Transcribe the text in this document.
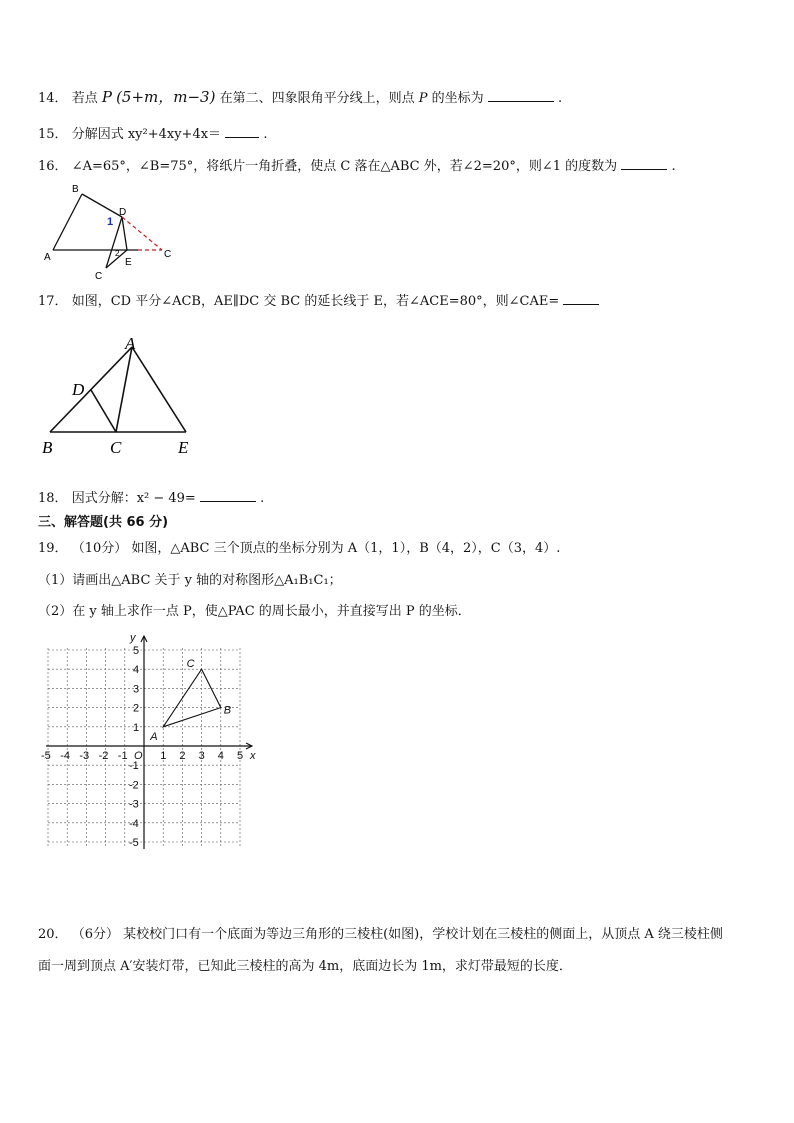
14． 若点 P (5+m，m−3) 在第二、四象限角平分线上，则点 P 的坐标为	.
15． 分解因式 xy²+4xy+4x＝	.
16． ∠A=65°，∠B=75°，将纸片一角折叠，使点 C 落在△ABC 外，若∠2=20°，则∠1 的度数为	.
A
B
D
C
C
E
1
2
17． 如图，CD 平分∠ACB，AE∥DC 交 BC 的延长线于 E，若∠ACE=80°，则∠CAE=
A
B	C
D
E
18． 因式分解：x² − 49=	.
三、解答题(共 66 分)
19． （10分） 如图，△ABC 三个顶点的坐标分别为 A（1，1），B（4，2），C（3，4）.
（1）请画出△ABC 关于 y 轴的对称图形△A₁B₁C₁；
（2）在 y 轴上求作一点 P，使△PAC 的周长最小，并直接写出 P 的坐标．
-5 -4 -3 -2 -1	1 2 3 4 5
5
4
3
2
1
-1
-2
-3
-4
-5
A
B
C
x
y
O
20． （6分） 某校校门口有一个底面为等边三角形的三棱柱(如图)，学校计划在三棱柱的侧面上，从顶点 A 绕三棱柱侧
面一周到顶点 A′安装灯带，已知此三棱柱的高为 4m，底面边长为 1m，求灯带最短的长度．
